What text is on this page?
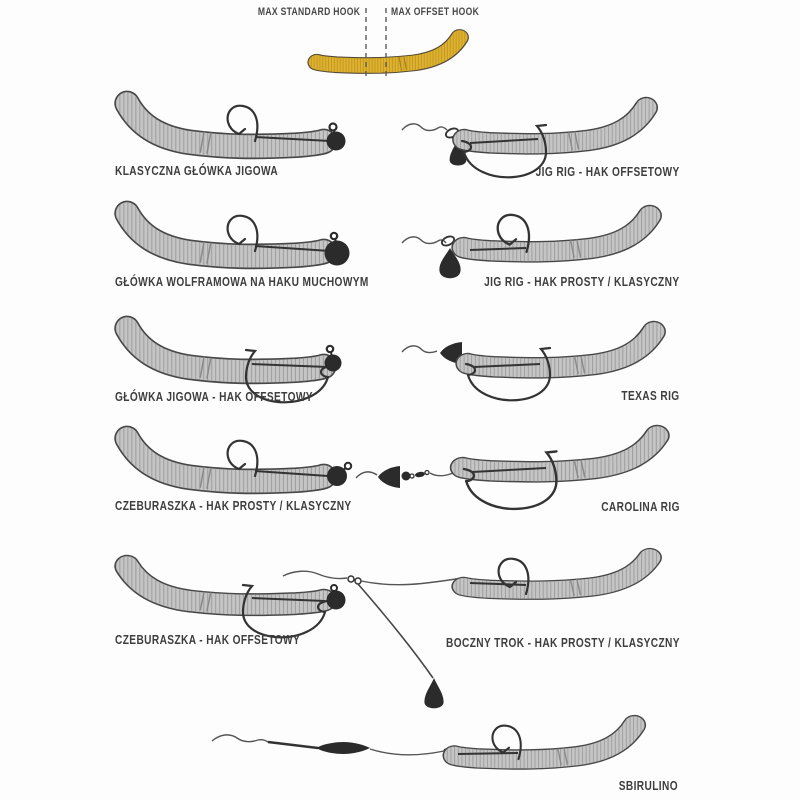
MAX STANDARD HOOK	MAX OFFSET HOOK
KLASYCZNA GŁÓWKA JIGOWA	JIG RIG - HAK OFFSETOWY
GŁÓWKA WOLFRAMOWA NA HAKU MUCHOWYM	JIG RIG - HAK PROSTY / KLASYCZNY
GŁÓWKA JIGOWA - HAK OFFSETOWY	TEXAS RIG
CZEBURASZKA - HAK PROSTY / KLASYCZNY	CAROLINA RIG
CZEBURASZKA - HAK OFFSETOWY	BOCZNY TROK - HAK PROSTY / KLASYCZNY
SBIRULINO
